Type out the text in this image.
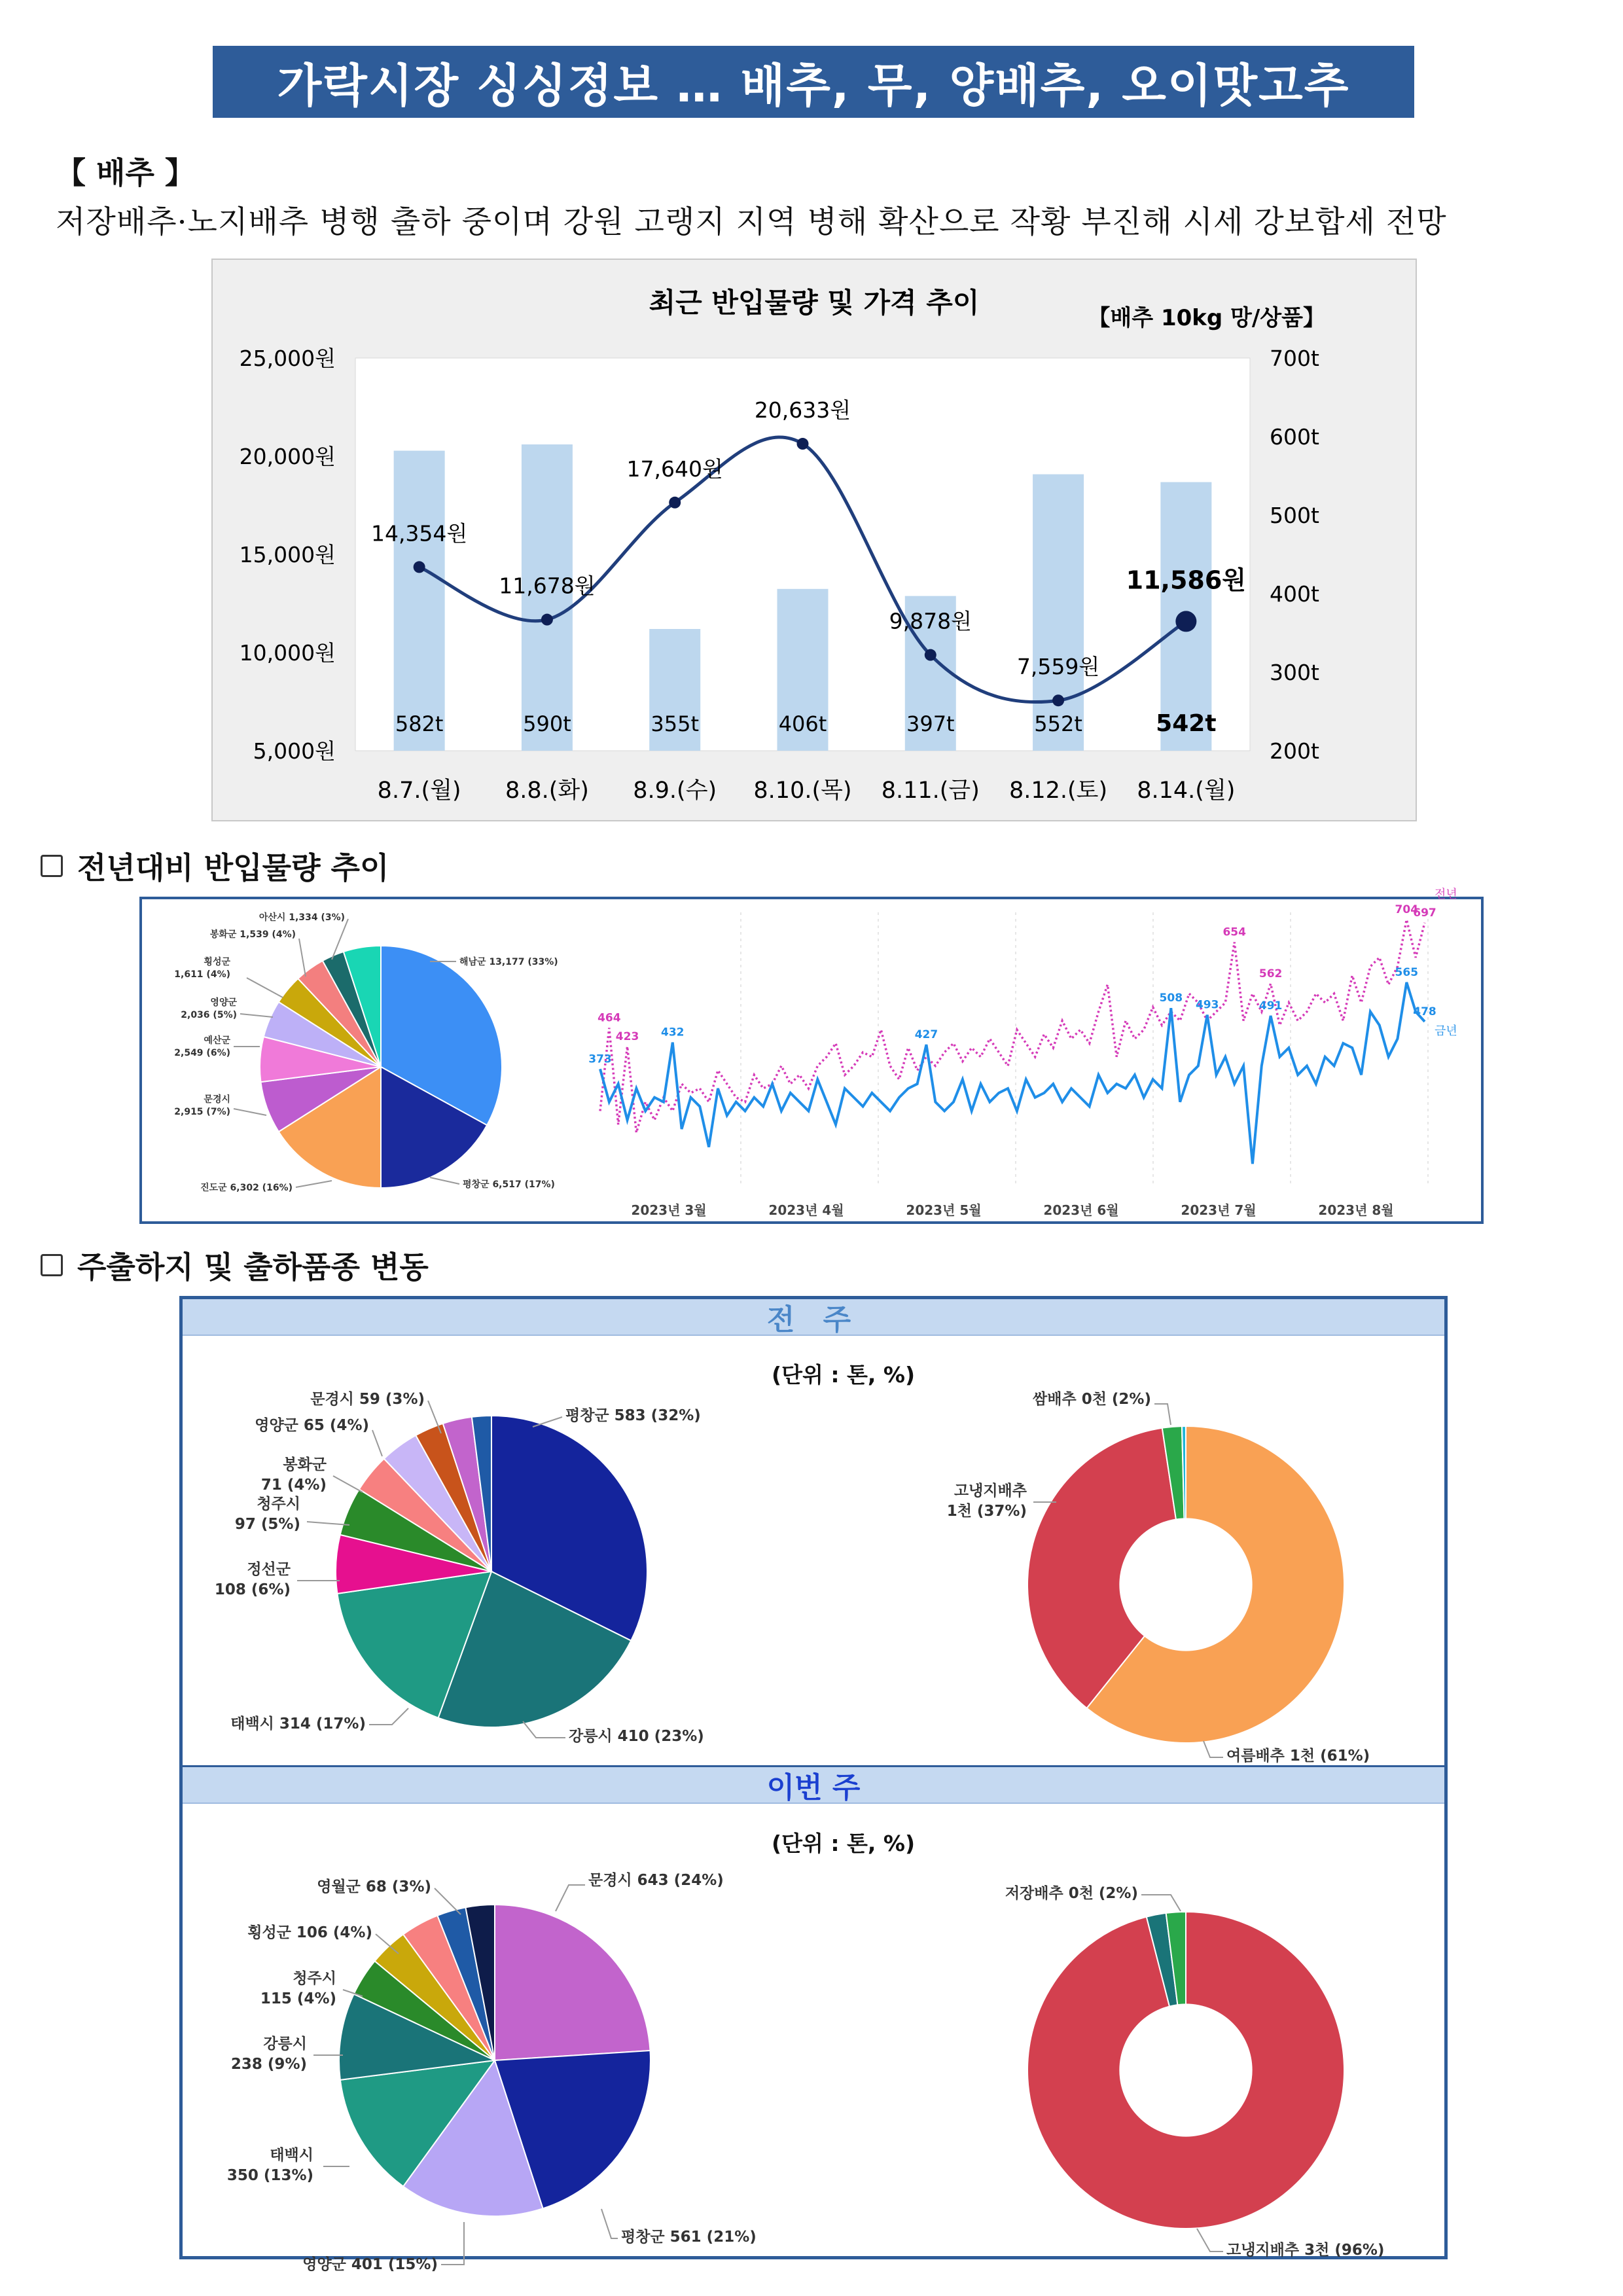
가락시장 싱싱정보 … 배추, 무, 양배추, 오이맛고추
【 배추 】
저장배추·노지배추 병행 출하 중이며 강원 고랭지 지역 병해 확산으로 작황 부진해 시세 강보합세 전망
최근 반입물량 및 가격 추이	【배추 10kg 망/상품】
25,000원
20,000원
15,000원
10,000원
5,000원
700t
600t
500t
400t
300t
200t
582t
8.7.(월)
590t
8.8.(화)
355t
8.9.(수)
406t
8.10.(목)
397t
8.11.(금)
552t
8.12.(토)
542t
8.14.(월)
14,354원
11,678원
17,640원
20,633원
9,878원
7,559원
11,586원
전년대비 반입물량 추이
해남군 13,177 (33%)
평창군 6,517 (17%)
진도군 6,302 (16%)
문경시 2,915 (7%)
예산군 2,549 (6%)
영양군 2,036 (5%)
횡성군 1,611 (4%)
봉화군 1,539 (4%)
아산시 1,334 (3%)
2023년 3월	2023년 4월	2023년 5월	2023년 6월	2023년 7월	2023년 8월
전년
금년
373
464
423 432	427
654
508
493
562
491
704
697
565
478
주출하지 및 출하품종 변동
전 주
(단위 : 톤, %)
평창군 583 (32%)
강릉시 410 (23%)
태백시 314 (17%)
정선군 108 (6%)
청주시 97 (5%)
봉화군 71 (4%)
영양군 65 (4%)
문경시 59 (3%)
여름배추 1천 (61%)
고냉지배추 1천 (37%)
쌈배추 0천 (2%)
이번 주
(단위 : 톤, %)
문경시 643 (24%)
평창군 561 (21%)
영양군 401 (15%)
태백시 350 (13%)
강릉시 238 (9%)
청주시 115 (4%)
횡성군 106 (4%)
영월군 68 (3%)
고냉지배추 3천 (96%)
저장배추 0천 (2%)
